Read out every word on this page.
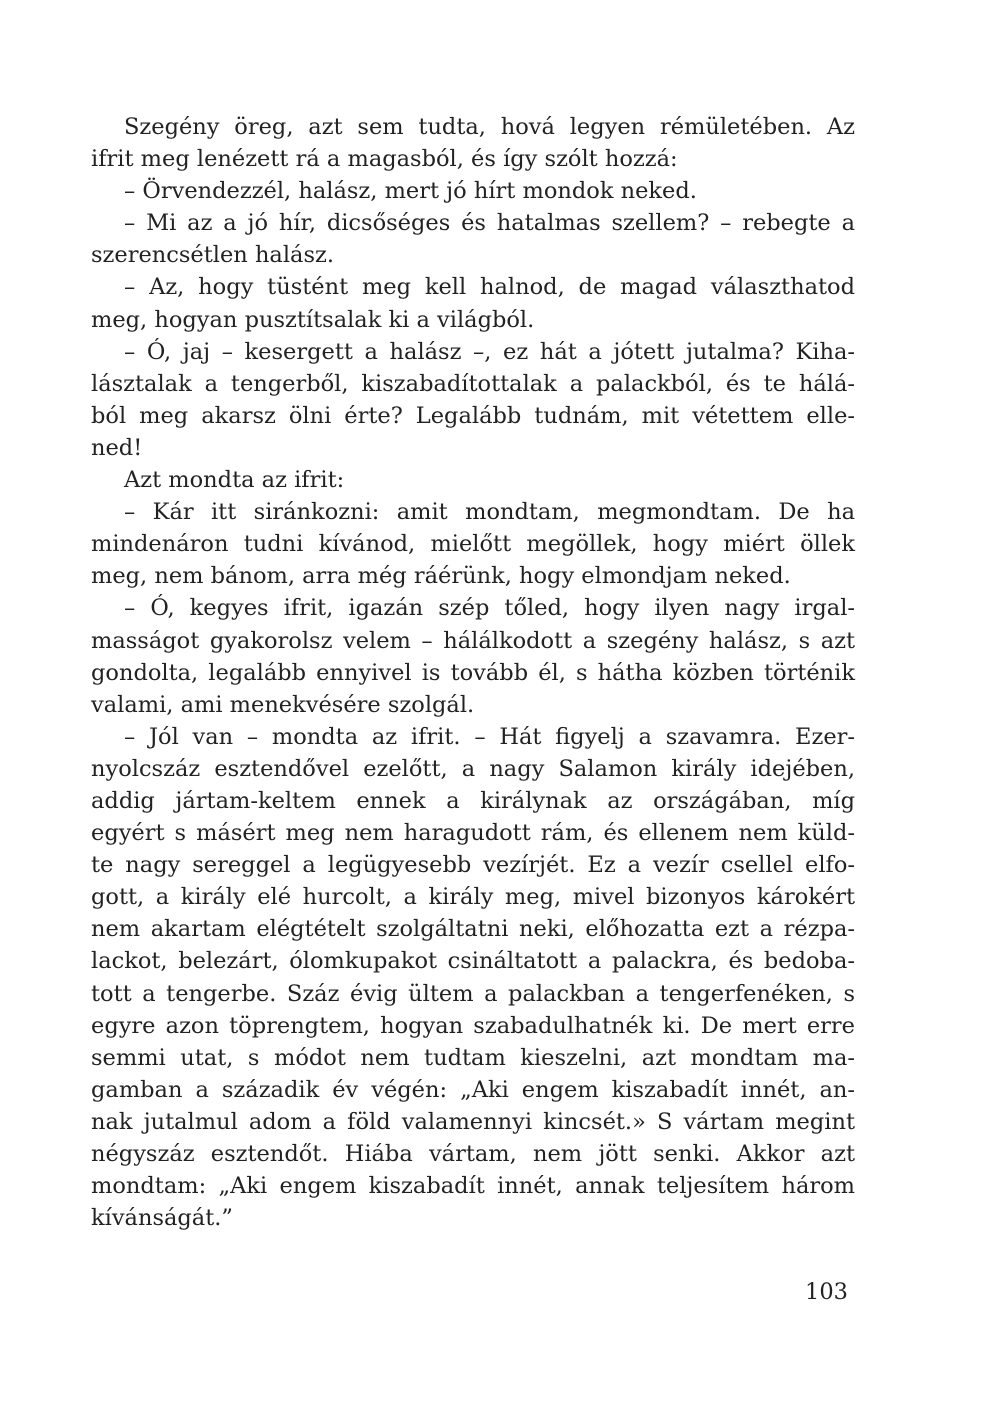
Szegény öreg, azt sem tudta, hová legyen rémületében. Az
ifrit meg lenézett rá a magasból, és így szólt hozzá:
– Örvendezzél, halász, mert jó hírt mondok neked.
– Mi az a jó hír, dicsőséges és hatalmas szellem? – rebegte a
szerencsétlen halász.
– Az, hogy tüstént meg kell halnod, de magad választhatod
meg, hogyan pusztítsalak ki a világból.
– Ó, jaj – kesergett a halász –, ez hát a jótett jutalma? Kiha-
lásztalak a tengerből, kiszabadítottalak a palackból, és te hálá-
ból meg akarsz ölni érte? Legalább tudnám, mit vétettem elle-
ned!
Azt mondta az ifrit:
– Kár itt siránkozni: amit mondtam, megmondtam. De ha
mindenáron tudni kívánod, mielőtt megöllek, hogy miért öllek
meg, nem bánom, arra még ráérünk, hogy elmondjam neked.
– Ó, kegyes ifrit, igazán szép tőled, hogy ilyen nagy irgal-
masságot gyakorolsz velem – hálálkodott a szegény halász, s azt
gondolta, legalább ennyivel is tovább él, s hátha közben történik
valami, ami menekvésére szolgál.
– Jól van – mondta az ifrit. – Hát figyelj a szavamra. Ezer-
nyolcszáz esztendővel ezelőtt, a nagy Salamon király idejében,
addig jártam-keltem ennek a királynak az országában, míg
egyért s másért meg nem haragudott rám, és ellenem nem küld-
te nagy sereggel a legügyesebb vezírjét. Ez a vezír csellel elfo-
gott, a király elé hurcolt, a király meg, mivel bizonyos károkért
nem akartam elégtételt szolgáltatni neki, előhozatta ezt a rézpa-
lackot, belezárt, ólomkupakot csináltatott a palackra, és bedoba-
tott a tengerbe. Száz évig ültem a palackban a tengerfenéken, s
egyre azon töprengtem, hogyan szabadulhatnék ki. De mert erre
semmi utat, s módot nem tudtam kieszelni, azt mondtam ma-
gamban a századik év végén: „Aki engem kiszabadít innét, an-
nak jutalmul adom a föld valamennyi kincsét.» S vártam megint
négyszáz esztendőt. Hiába vártam, nem jött senki. Akkor azt
mondtam: „Aki engem kiszabadít innét, annak teljesítem három
kívánságát.”
103
